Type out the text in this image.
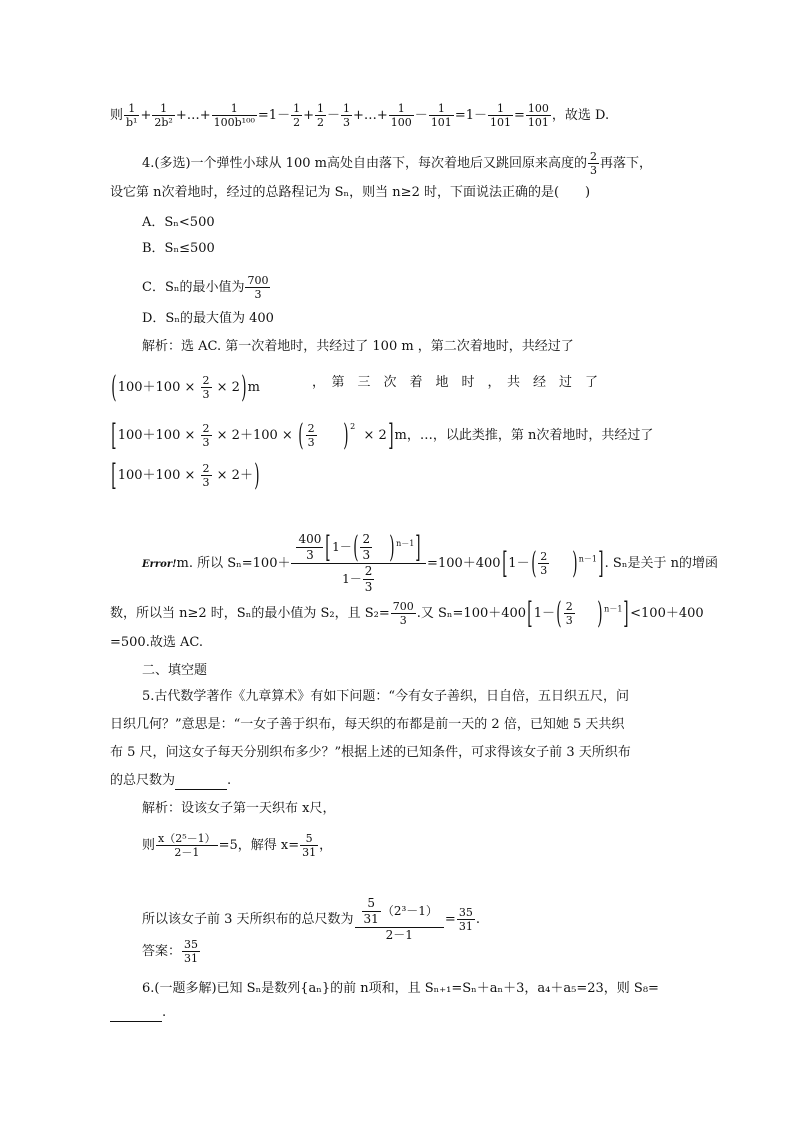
则 $\frac{1}{\text{b¹}} + \frac{1}{\text{2b²}}$ +…+ $\frac{1}{\text{100b¹⁰⁰}} =1- \frac{1}{2} + \frac{1}{2} - \frac{1}{3}$ +…+ $\frac{1}{100} - \frac{1}{101} =1- \frac{1}{101} = \frac{100}{101}$ ，故选 D.
4.(多选)一个弹性小球从 100 m高处自由落下，每次着地后又跳回原来高度的 $\frac{2}{3}$ 再落下，
设它第 n次着地时，经过的总路程记为 Sₙ，则当 n≥2 时，下面说法正确的是(　　)
A．Sₙ<500
B．Sₙ≤500
C．Sₙ的最小值为 $\frac{700}{3}$
D．Sₙ的最大值为 400
解析：选 AC. 第一次着地时，共经过了 100 m ，第二次着地时，共经过了
$(100+100 \times \frac{2}{3} \times 2)m$	，　第　三　次　着　地　时　，　共　经　过　了
[$100+100 \times \frac{2}{3} \times 2+100$ × ( $\frac{2}{3} )^2 \times 2]m$，…，以此类推，第 n次着地时，共经过了
$[100+100 \times \frac{2}{3} \times 2+)$
Error!m. 所以 $S_n=100+ \frac{\frac{400}{3} [1-( \frac{2}{3} )^{n-1}]}{1- \frac{2}{3}} =100+400[1-( \frac{2}{3} )^{n-1}]$. Sₙ是关于 n的增函
数，所以当 n≥2 时，Sₙ的最小值为 S₂，且 $S_2= \frac{700}{3}$ .又 $S_n=100+400[1-( \frac{2}{3} )^{n-1}]<100+400$
=500.故选 AC.
二、填空题
5.古代数学著作《九章算术》有如下问题：“今有女子善织，日自倍，五日织五尺，问
日织几何？”意思是：“一女子善于织布，每天织的布都是前一天的 2 倍，已知她 5 天共织
布 5 尺，问这女子每天分别织布多少？”根据上述的已知条件，可求得该女子前 3 天所织布
的总尺数为	.
解析：设该女子第一天织布 x尺，
则 $\frac{\text{x（2⁵－1）}}{2-1} =5$，解得 $x= \frac{5}{31}$ ，
所以该女子前 3 天所织布的总尺数为 $\frac{\frac{5}{31} (2^3-1)}{2-1} = \frac{35}{31}$ .
答案： $\frac{35}{31}$
6.(一题多解)已知 Sₙ是数列{aₙ}的前 n项和，且 Sₙ₊₁=Sₙ＋aₙ＋3，a₄＋a₅=23，则 S₈=
.
